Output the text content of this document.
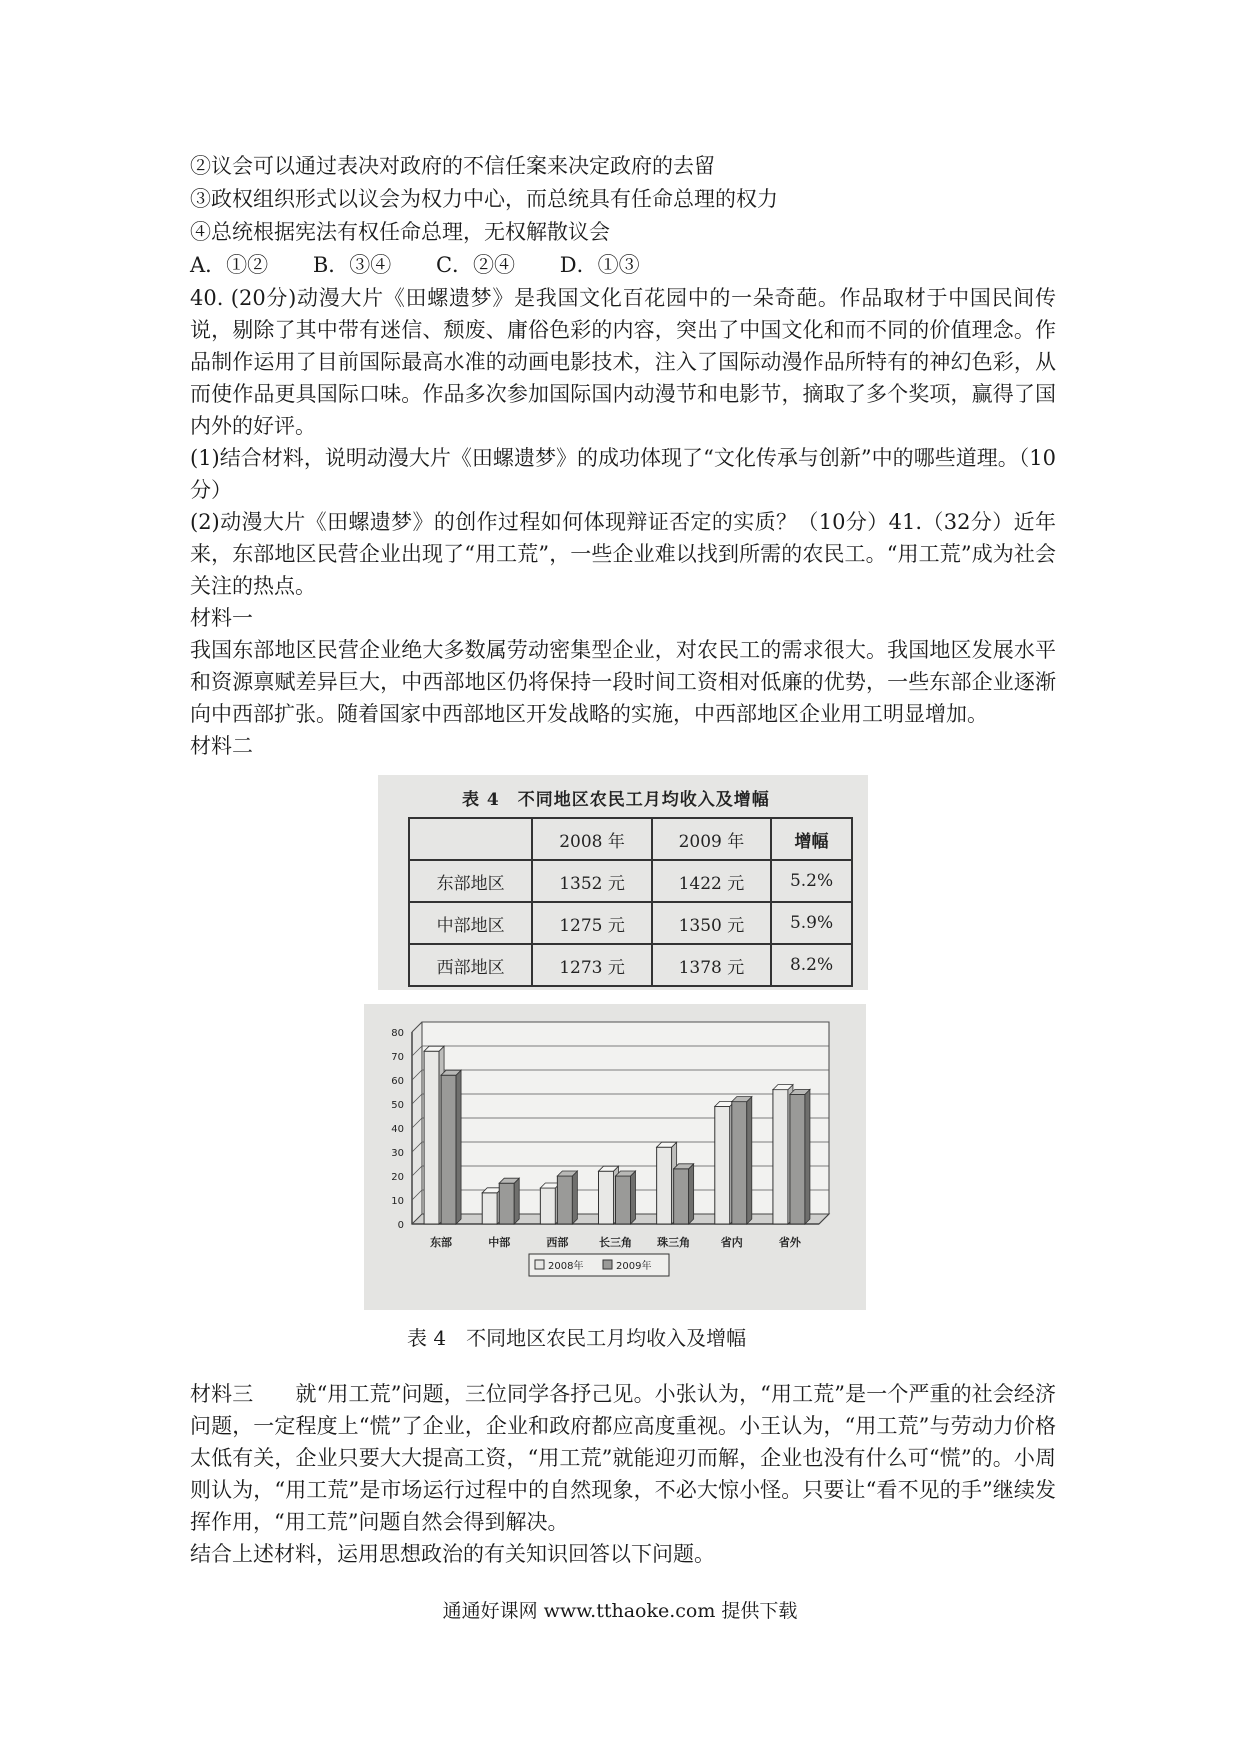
②议会可以通过表决对政府的不信任案来决定政府的去留
③政权组织形式以议会为权力中心，而总统具有任命总理的权力
④总统根据宪法有权任命总理，无权解散议会
A．①② B．③④ C．②④ D．①③

40. (20分)动漫大片《田螺遗梦》是我国文化百花园中的一朵奇葩。作品取材于中国民间传说，剔除了其中带有迷信、颓废、庸俗色彩的内容，突出了中国文化和而不同的价值理念。作品制作运用了目前国际最高水准的动画电影技术，注入了国际动漫作品所特有的神幻色彩，从而使作品更具国际口味。作品多次参加国际国内动漫节和电影节，摘取了多个奖项，赢得了国内外的好评。

(1)结合材料，说明动漫大片《田螺遗梦》的成功体现了“文化传承与创新”中的哪些道理。（10分）

(2)动漫大片《田螺遗梦》的创作过程如何体现辩证否定的实质？（10分）41.（32分）近年来，东部地区民营企业出现了“用工荒”，一些企业难以找到所需的农民工。“用工荒”成为社会关注的热点。

材料一

我国东部地区民营企业绝大多数属劳动密集型企业，对农民工的需求很大。我国地区发展水平和资源禀赋差异巨大，中西部地区仍将保持一段时间工资相对低廉的优势，一些东部企业逐渐向中西部扩张。随着国家中西部地区开发战略的实施，中西部地区企业用工明显增加。

材料二

表 4　不同地区农民工月均收入及增幅
	2008 年	2009 年	增幅
东部地区	1352 元	1422 元	5.2%
中部地区	1275 元	1350 元	5.9%
西部地区	1273 元	1378 元	8.2%
0
10
20
30
40
50
60
70
80
东部	中部	西部	长三角 珠三角	省内	省外
2008年	2009年
表 4　不同地区农民工月均收入及增幅

材料三　　就“用工荒”问题，三位同学各抒己见。小张认为，“用工荒”是一个严重的社会经济问题，一定程度上“慌”了企业，企业和政府都应高度重视。小王认为，“用工荒”与劳动力价格太低有关，企业只要大大提高工资，“用工荒”就能迎刃而解，企业也没有什么可“慌”的。小周则认为，“用工荒”是市场运行过程中的自然现象，不必大惊小怪。只要让“看不见的手”继续发挥作用，“用工荒”问题自然会得到解决。

结合上述材料，运用思想政治的有关知识回答以下问题。

通通好课网 www.tthaoke.com 提供下载
